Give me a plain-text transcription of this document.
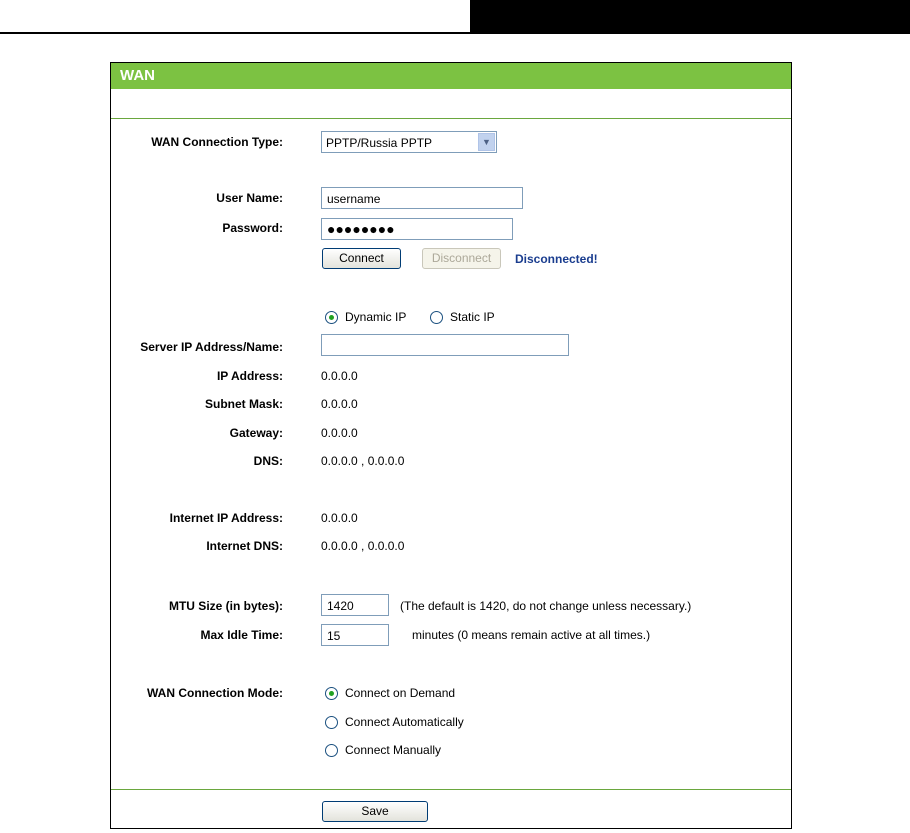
WAN
WAN Connection Type:	PPTP/Russia PPTP	▼
User Name:	username
Password:	●●●●●●●●
Connect	Disconnect	Disconnected!
Dynamic IP	Static IP
Server IP Address/Name:
IP Address:	0.0.0.0
Subnet Mask:	0.0.0.0
Gateway:	0.0.0.0
DNS:	0.0.0.0 , 0.0.0.0
Internet IP Address:	0.0.0.0
Internet DNS:	0.0.0.0 , 0.0.0.0
MTU Size (in bytes):	1420	(The default is 1420, do not change unless necessary.)
Max Idle Time:	15	minutes (0 means remain active at all times.)
WAN Connection Mode:	Connect on Demand
Connect Automatically
Connect Manually
Save
